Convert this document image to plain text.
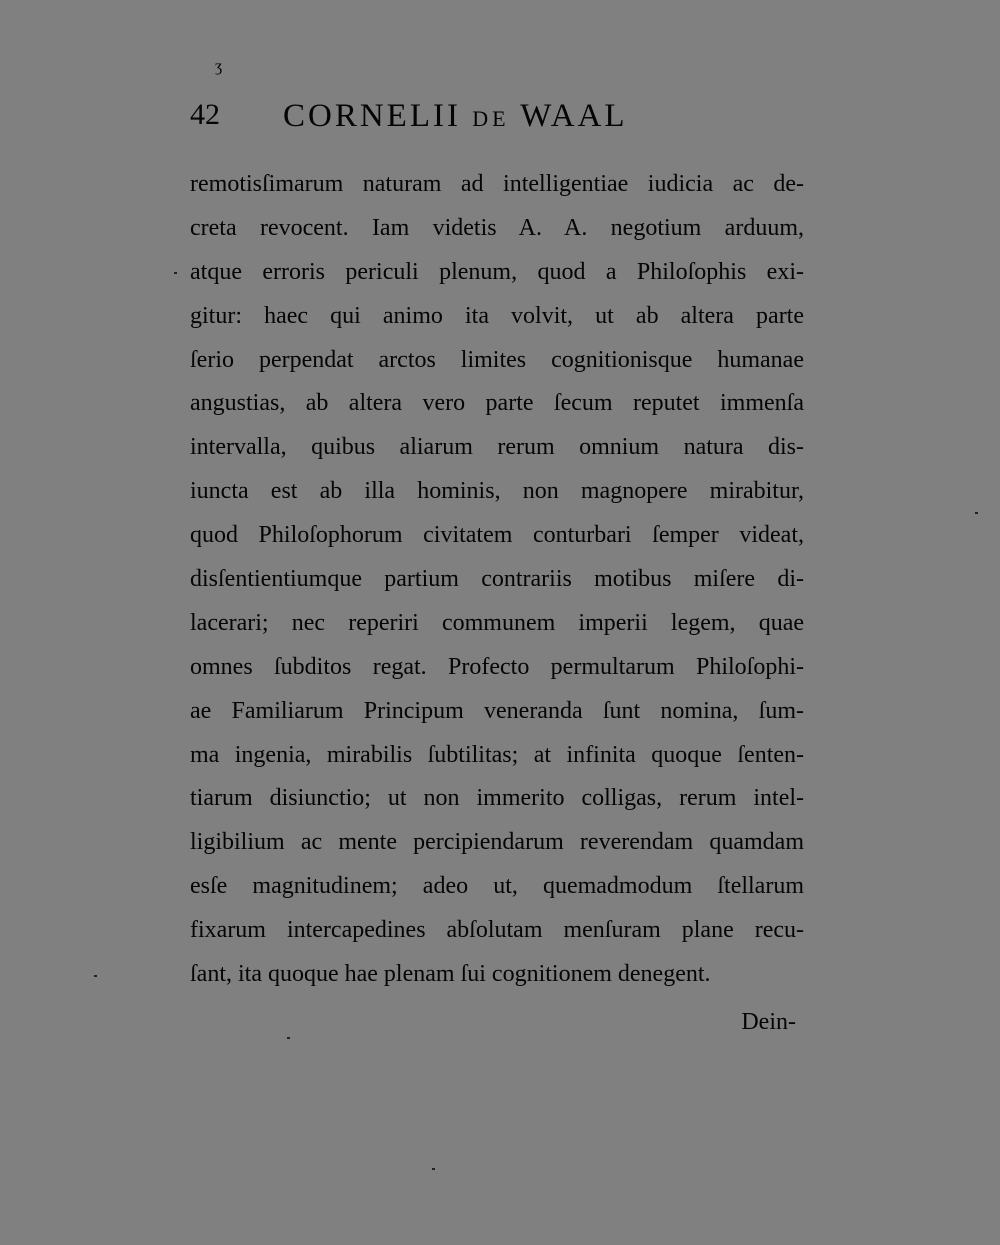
ʒ
42 CORNELII DE WAAL
remotisſimarum naturam ad intelligentiae iudicia ac de-
creta revocent. Iam videtis A. A. negotium arduum,
atque erroris periculi plenum, quod a Philoſophis exi-
gitur: haec qui animo ita volvit, ut ab altera parte
ſerio perpendat arctos limites cognitionisque humanae
angustias, ab altera vero parte ſecum reputet immenſa
intervalla, quibus aliarum rerum omnium natura dis-
iuncta est ab illa hominis, non magnopere mirabitur,
quod Philoſophorum civitatem conturbari ſemper videat,
disſentientiumque partium contrariis motibus miſere di-
lacerari; nec reperiri communem imperii legem, quae
omnes ſubditos regat. Profecto permultarum Philoſophi-
ae Familiarum Principum veneranda ſunt nomina, ſum-
ma ingenia, mirabilis ſubtilitas; at infinita quoque ſenten-
tiarum disiunctio; ut non immerito colligas, rerum intel-
ligibilium ac mente percipiendarum reverendam quamdam
esſe magnitudinem; adeo ut, quemadmodum ſtellarum
fixarum intercapedines abſolutam menſuram plane recu-
ſant, ita quoque hae plenam ſui cognitionem denegent.
Dein-
